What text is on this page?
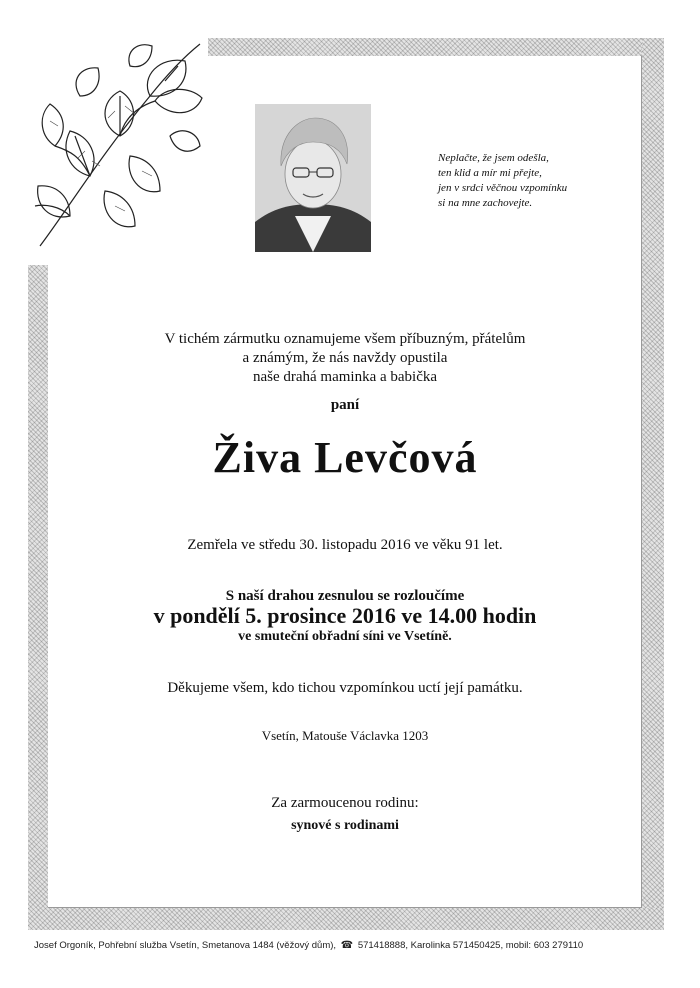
Neplačte, že jsem odešla,
ten klid a mír mi přejte,
jen v srdci věčnou vzpomínku
si na mne zachovejte.
V tichém zármutku oznamujeme všem příbuzným, přátelům
a známým, že nás navždy opustila
naše drahá maminka a babička
paní
Živa Levčová
Zemřela ve středu 30. listopadu 2016 ve věku 91 let.
S naší drahou zesnulou se rozloučíme
v pondělí 5. prosince 2016 ve 14.00 hodin
ve smuteční obřadní síni ve Vsetíně.
Děkujeme všem, kdo tichou vzpomínkou uctí její památku.
Vsetín, Matouše Václavka 1203
Za zarmoucenou rodinu:
synové s rodinami
Josef Orgoník, Pohřební služba Vsetín, Smetanova 1484 (věžový dům), ☎ 571418888, Karolinka 571450425, mobil: 603 279110
